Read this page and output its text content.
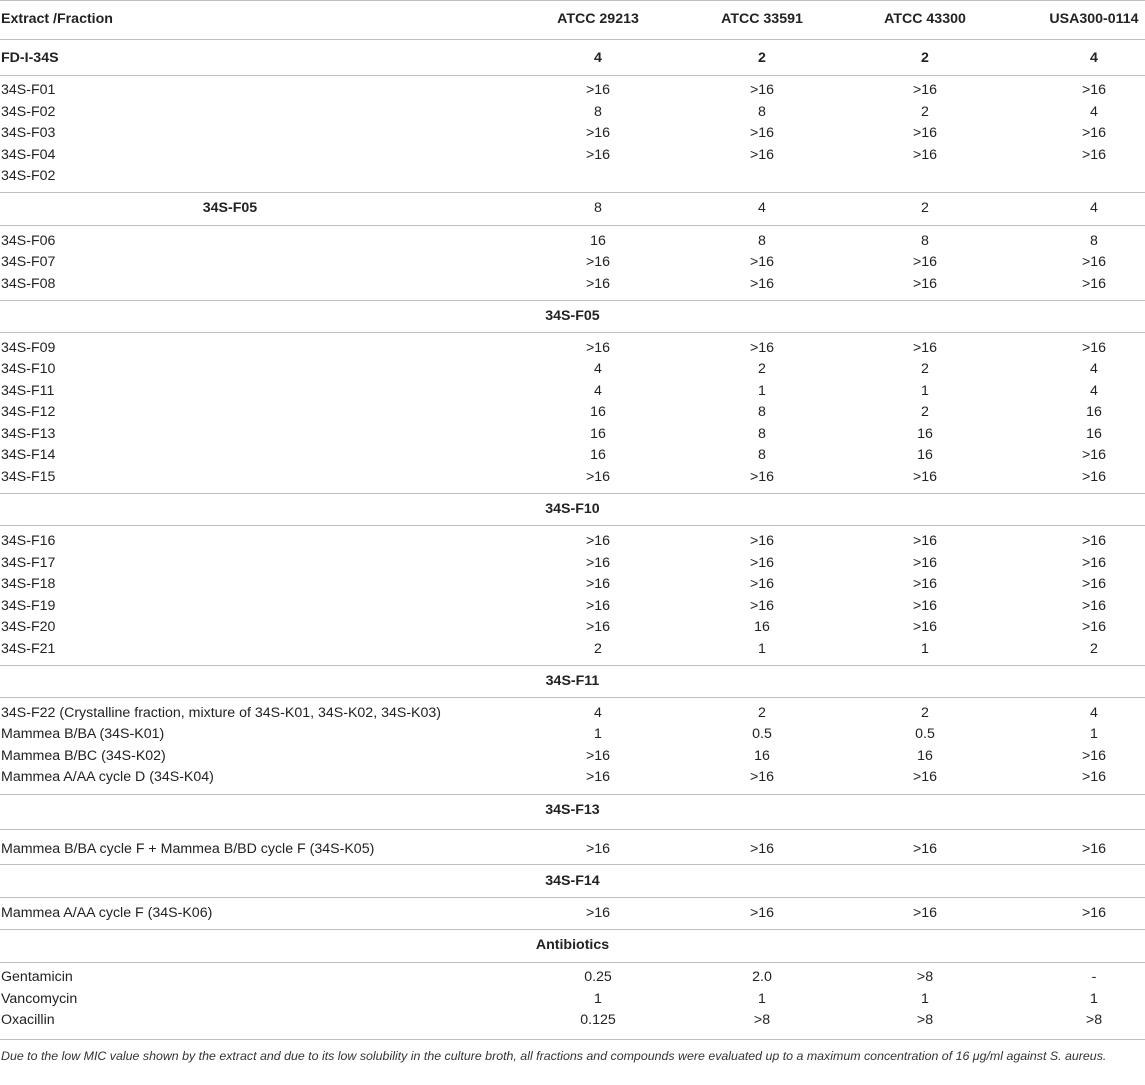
Extract /Fraction	ATCC 29213	ATCC 33591	ATCC 43300	USA300-0114
FD-I-34S	4	2	2	4
34S-F01	>16	>16	>16	>16
34S-F02	8	8	2	4
34S-F03	>16	>16	>16	>16
34S-F04	>16	>16	>16	>16
34S-F02
34S-F05	8	4	2	4
34S-F06	16	8	8	8
34S-F07	>16	>16	>16	>16
34S-F08	>16	>16	>16	>16
34S-F05
34S-F09	>16	>16	>16	>16
34S-F10	4	2	2	4
34S-F11	4	1	1	4
34S-F12	16	8	2	16
34S-F13	16	8	16	16
34S-F14	16	8	16	>16
34S-F15	>16	>16	>16	>16
34S-F10
34S-F16	>16	>16	>16	>16
34S-F17	>16	>16	>16	>16
34S-F18	>16	>16	>16	>16
34S-F19	>16	>16	>16	>16
34S-F20	>16	16	>16	>16
34S-F21	2	1	1	2
34S-F11
34S-F22 (Crystalline fraction, mixture of 34S-K01, 34S-K02, 34S-K03)	4	2	2	4
Mammea B/BA (34S-K01)	1	0.5	0.5	1
Mammea B/BC (34S-K02)	>16	16	16	>16
Mammea A/AA cycle D (34S-K04)	>16	>16	>16	>16
34S-F13
Mammea B/BA cycle F + Mammea B/BD cycle F (34S-K05)	>16	>16	>16	>16
34S-F14
Mammea A/AA cycle F (34S-K06)	>16	>16	>16	>16
Antibiotics
Gentamicin	0.25	2.0	>8	-
Vancomycin	1	1	1	1
Oxacillin	0.125	>8	>8	>8
Due to the low MIC value shown by the extract and due to its low solubility in the culture broth, all fractions and compounds were evaluated up to a maximum concentration of 16 μg/ml against S. aureus.
